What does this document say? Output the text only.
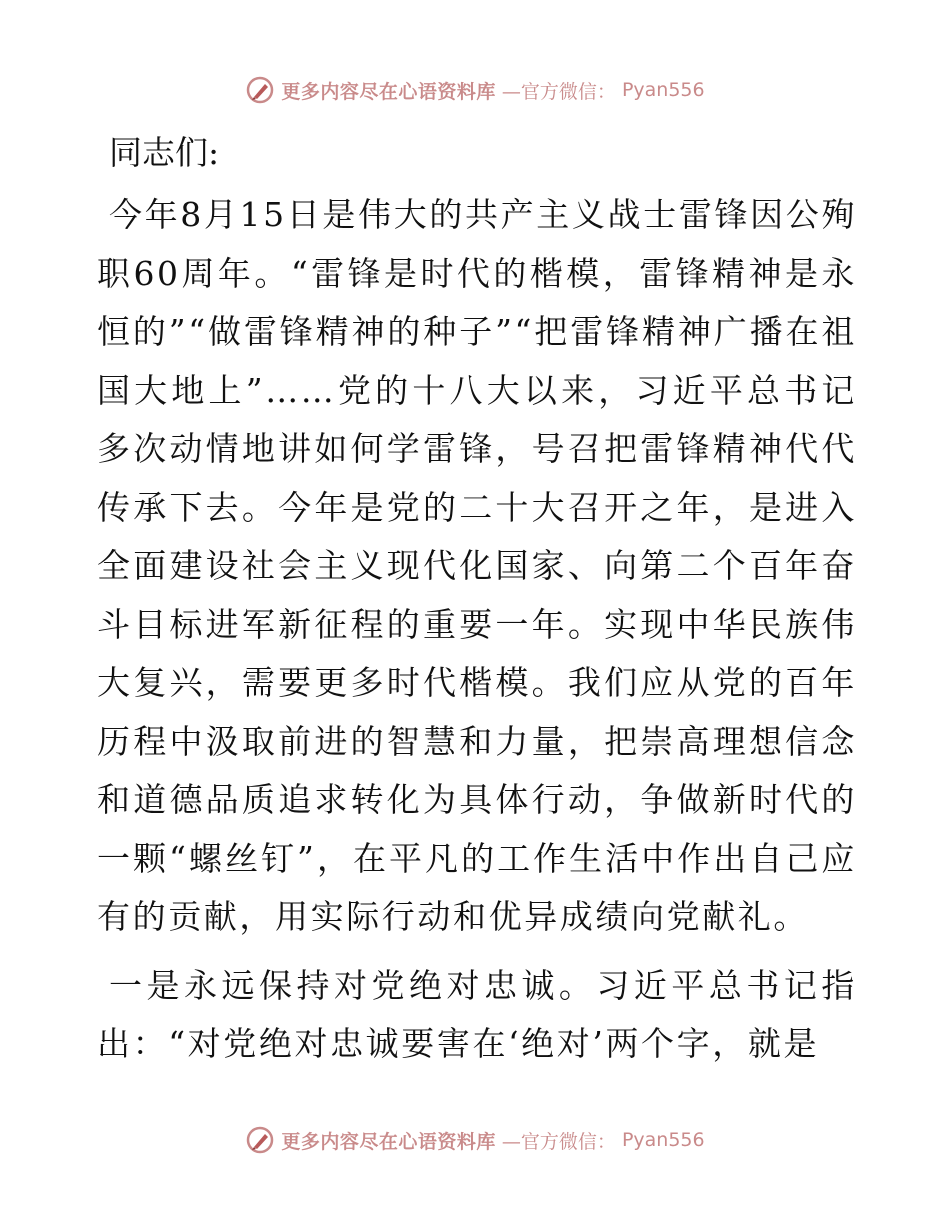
更多内容尽在心语资料库 —官方微信： Pyan556
同志们:

今年8月15日是伟大的共产主义战士雷锋因公殉职60周年。“雷锋是时代的楷模，雷锋精神是永恒的”“做雷锋精神的种子”“把雷锋精神广播在祖国大地上”……党的十八大以来，习近平总书记多次动情地讲如何学雷锋，号召把雷锋精神代代传承下去。今年是党的二十大召开之年，是进入全面建设社会主义现代化国家、向第二个百年奋斗目标进军新征程的重要一年。实现中华民族伟大复兴，需要更多时代楷模。我们应从党的百年历程中汲取前进的智慧和力量，把崇高理想信念和道德品质追求转化为具体行动，争做新时代的一颗“螺丝钉”，在平凡的工作生活中作出自己应有的贡献，用实际行动和优异成绩向党献礼。

一是永远保持对党绝对忠诚。习近平总书记指出：“对党绝对忠诚要害在‘绝对’两个字，就是

更多内容尽在心语资料库 —官方微信： Pyan556
